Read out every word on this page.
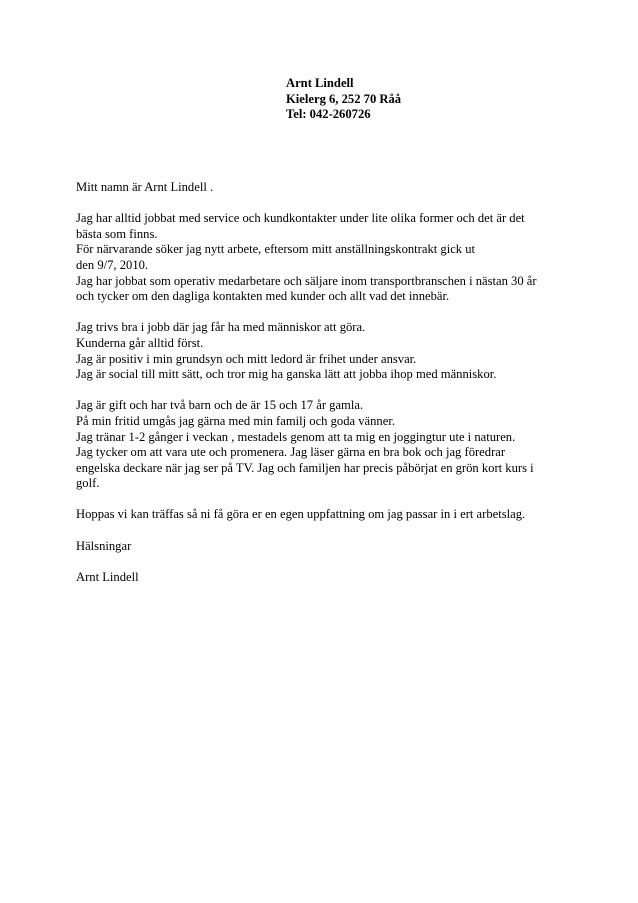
Arnt Lindell
Kielerg 6, 252 70 Råå
Tel: 042-260726

Mitt namn är Arnt Lindell .

Jag har alltid jobbat med service och kundkontakter under lite olika former och det är det
bästa som finns.
För närvarande söker jag nytt arbete, eftersom mitt anställningskontrakt gick ut
den 9/7, 2010.
Jag har jobbat som operativ medarbetare och säljare inom transportbranschen i nästan 30 år
och tycker om den dagliga kontakten med kunder och allt vad det innebär.

Jag trivs bra i jobb där jag får ha med människor att göra.
Kunderna går alltid först.
Jag är positiv i min grundsyn och mitt ledord är frihet under ansvar.
Jag är social till mitt sätt, och tror mig ha ganska lätt att jobba ihop med människor.

Jag är gift och har två barn och de är 15 och 17 år gamla.
På min fritid umgås jag gärna med min familj och goda vänner.
Jag tränar 1-2 gånger i veckan , mestadels genom att ta mig en joggingtur ute i naturen.
Jag tycker om att vara ute och promenera. Jag läser gärna en bra bok och jag föredrar
engelska deckare när jag ser på TV. Jag och familjen har precis påbörjat en grön kort kurs i
golf.

Hoppas vi kan träffas så ni få göra er en egen uppfattning om jag passar in i ert arbetslag.

Hälsningar

Arnt Lindell
